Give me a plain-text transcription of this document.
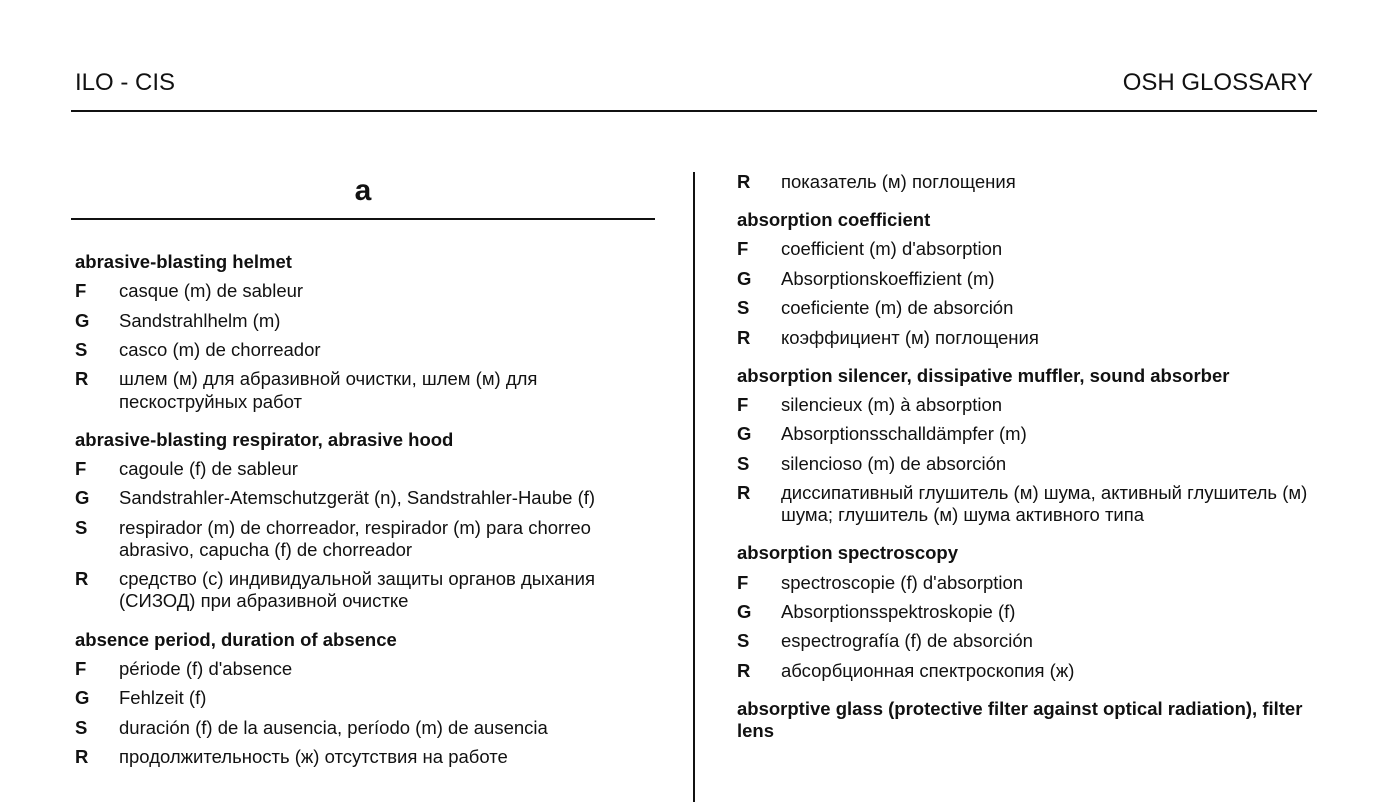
ILO - CIS	OSH GLOSSARY
a
abrasive-blasting helmet
F casque (m) de sableur
G Sandstrahlhelm (m)
S casco (m) de chorreador
R шлем (м) для абразивной очистки, шлем (м) для пескоструйных работ
abrasive-blasting respirator, abrasive hood
F cagoule (f) de sableur
G Sandstrahler-Atemschutzgerät (n), Sandstrahler-Haube (f)
S respirador (m) de chorreador, respirador (m) para chorreo abrasivo, capucha (f) de chorreador
R средство (с) индивидуальной защиты органов дыхания (СИЗОД) при абразивной очистке
absence period, duration of absence
F période (f) d'absence
G Fehlzeit (f)
S duración (f) de la ausencia, período (m) de ausencia
R продолжительность (ж) отсутствия на работе
R показатель (м) поглощения
absorption coefficient
F coefficient (m) d'absorption
G Absorptionskoeffizient (m)
S coeficiente (m) de absorción
R коэффициент (м) поглощения
absorption silencer, dissipative muffler, sound absorber
F silencieux (m) à absorption
G Absorptionsschalldämpfer (m)
S silencioso (m) de absorción
R диссипативный глушитель (м) шума, активный глушитель (м) шума; глушитель (м) шума активного типа
absorption spectroscopy
F spectroscopie (f) d'absorption
G Absorptionsspektroskopie (f)
S espectrografía (f) de absorción
R абсорбционная спектроскопия (ж)
absorptive glass (protective filter against optical radiation), filter lens
